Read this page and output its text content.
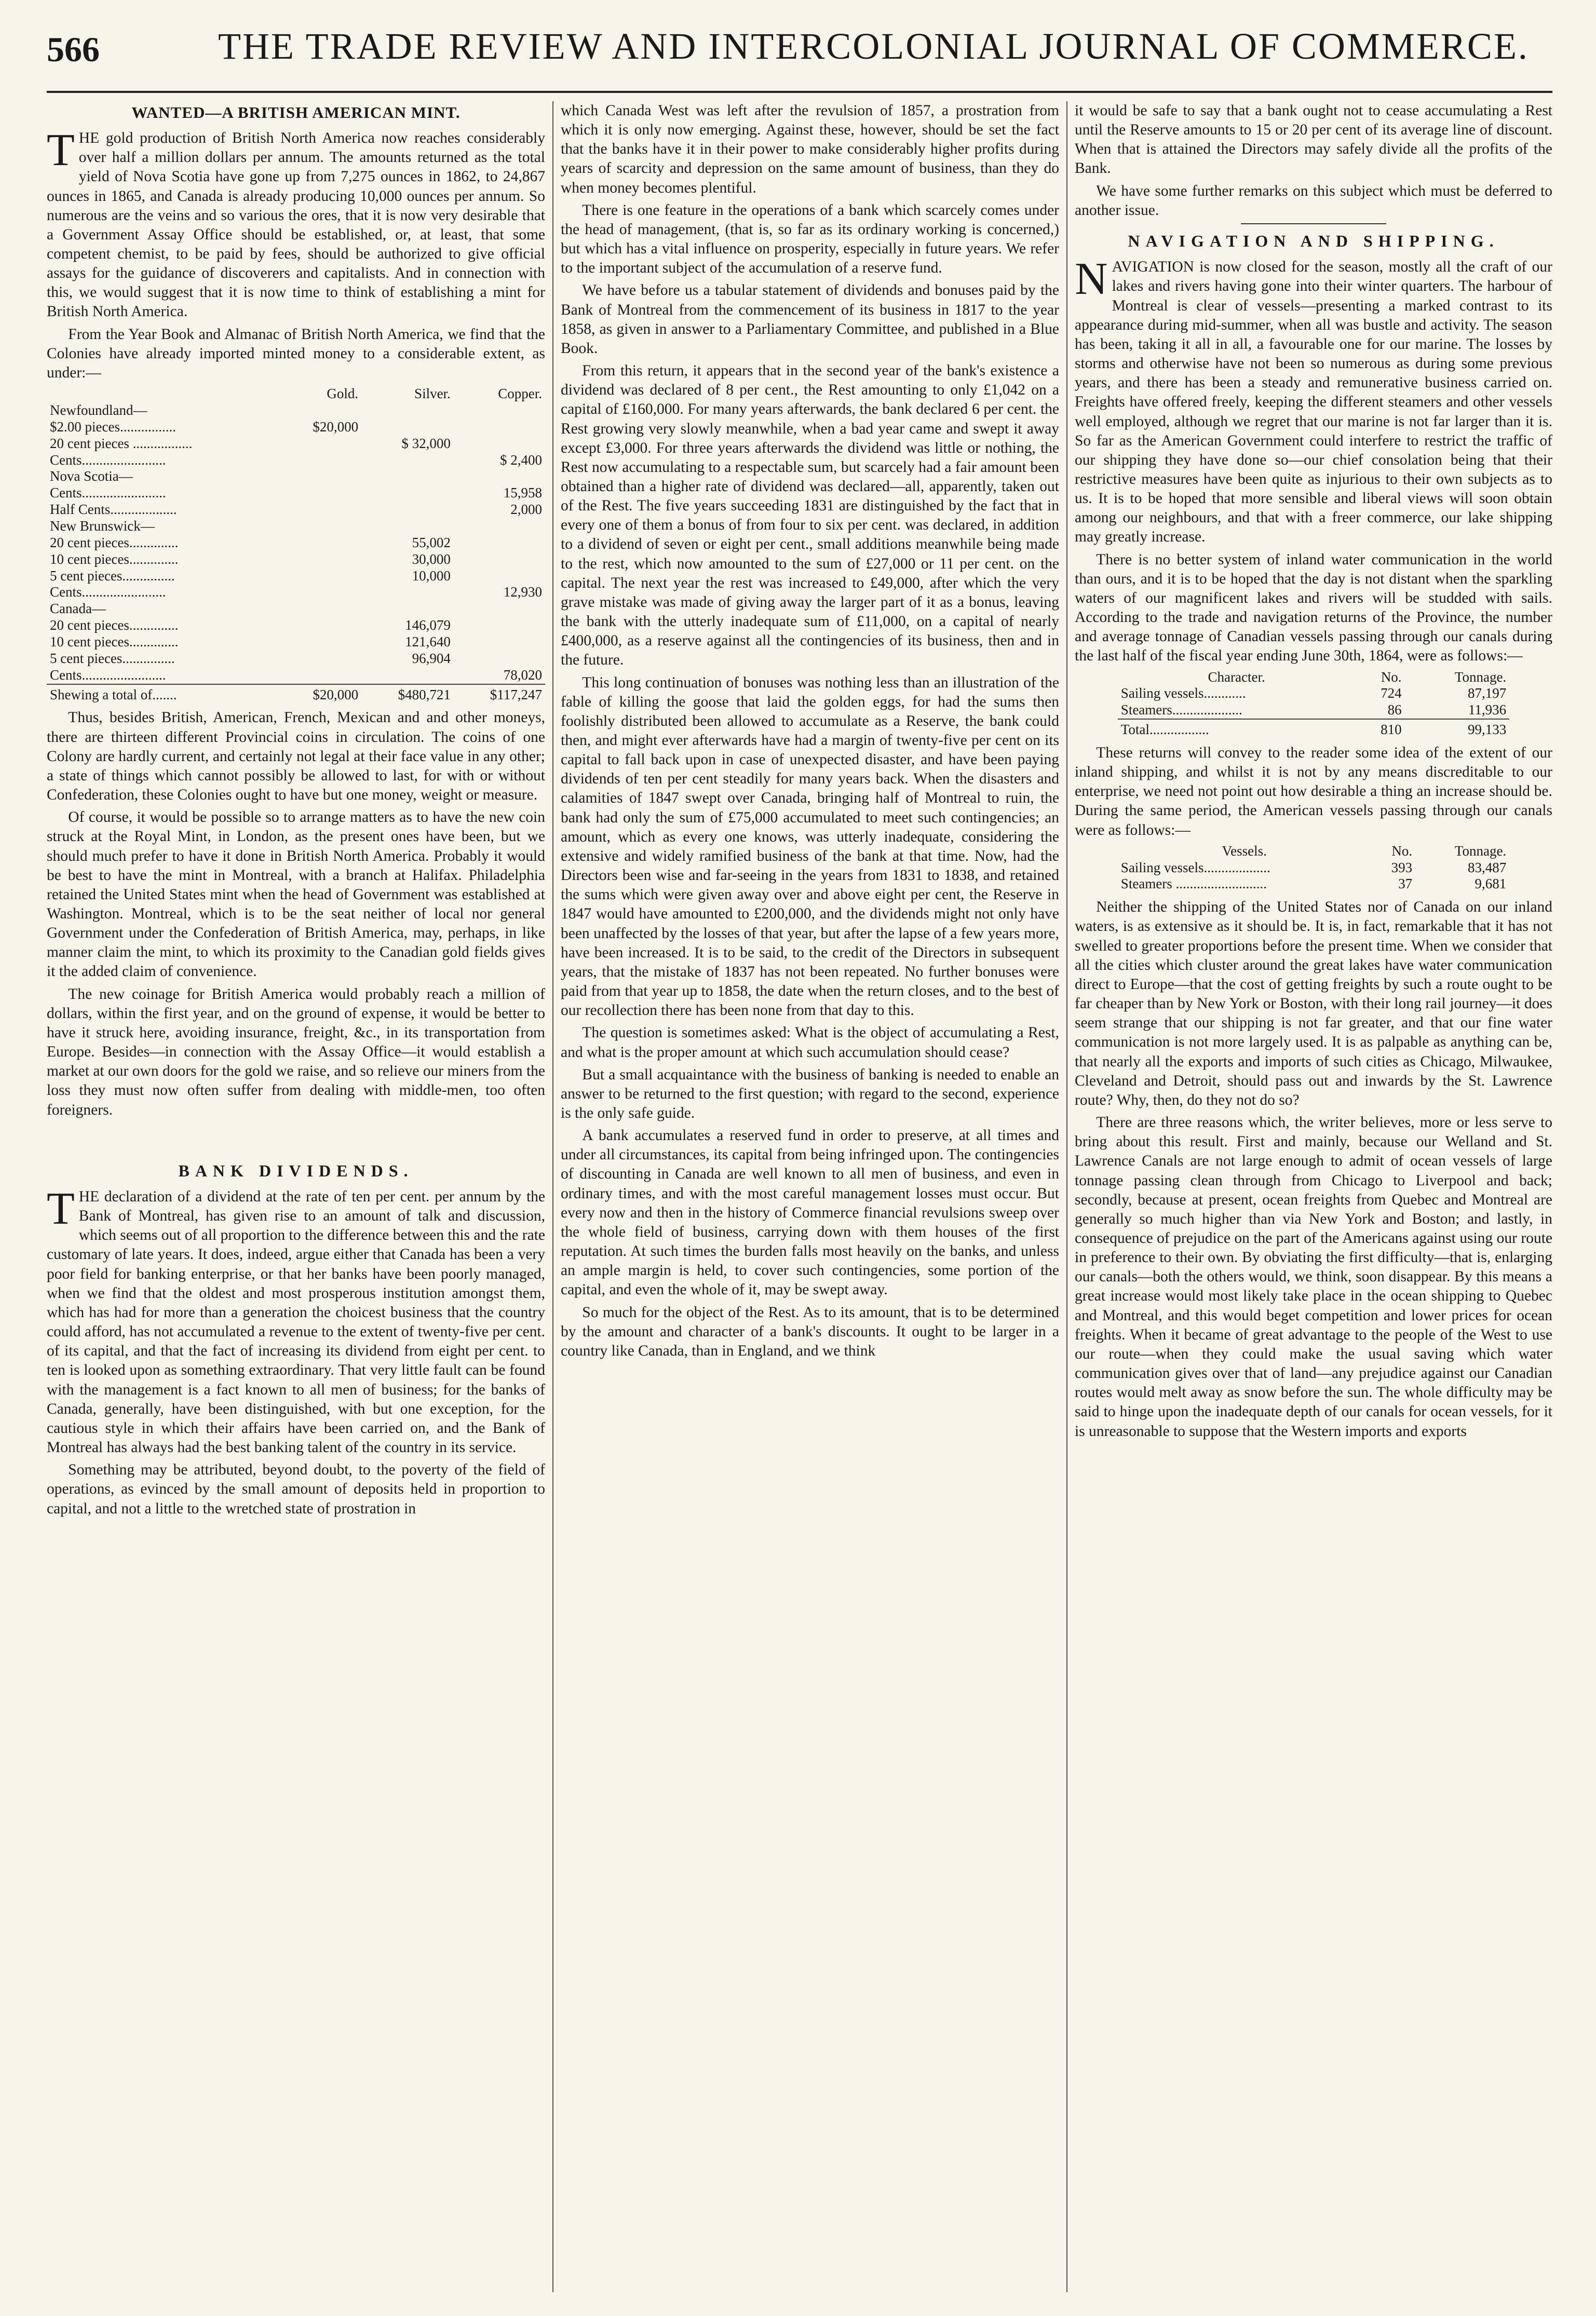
566	THE TRADE REVIEW AND INTERCOLONIAL JOURNAL OF COMMERCE.
WANTED—A BRITISH AMERICAN MINT.

THE gold production of British North America now reaches considerably over half a million dollars per annum. The amounts returned as the total yield of Nova Scotia have gone up from 7,275 ounces in 1862, to 24,867 ounces in 1865, and Canada is already producing 10,000 ounces per annum. So numerous are the veins and so various the ores, that it is now very desirable that a Government Assay Office should be established, or, at least, that some competent chemist, to be paid by fees, should be authorized to give official assays for the guidance of discoverers and capitalists. And in connection with this, we would suggest that it is now time to think of establishing a mint for British North America.

From the Year Book and Almanac of British North America, we find that the Colonies have already imported minted money to a considerable extent, as under:—

	Gold.	Silver.	Copper.
Newfoundland—			
$2.00 pieces................	$20,000		
20 cent pieces .................		$ 32,000	
Cents........................			$ 2,400
Nova Scotia—			
Cents........................			15,958
Half Cents...................			2,000
New Brunswick—			
20 cent pieces..............		55,002	
10 cent pieces..............		30,000	
5 cent pieces...............		10,000	
Cents........................			12,930
Canada—			
20 cent pieces..............		146,079	
10 cent pieces..............		121,640	
5 cent pieces...............		96,904	
Cents........................			78,020
Shewing a total of.......	$20,000	$480,721	$117,247

Thus, besides British, American, French, Mexican and and other moneys, there are thirteen different Provincial coins in circulation. The coins of one Colony are hardly current, and certainly not legal at their face value in any other; a state of things which cannot possibly be allowed to last, for with or without Confederation, these Colonies ought to have but one money, weight or measure.

Of course, it would be possible so to arrange matters as to have the new coin struck at the Royal Mint, in London, as the present ones have been, but we should much prefer to have it done in British North America. Probably it would be best to have the mint in Montreal, with a branch at Halifax. Philadelphia retained the United States mint when the head of Government was established at Washington. Montreal, which is to be the seat neither of local nor general Government under the Confederation of British America, may, perhaps, in like manner claim the mint, to which its proximity to the Canadian gold fields gives it the added claim of convenience.

The new coinage for British America would probably reach a million of dollars, within the first year, and on the ground of expense, it would be better to have it struck here, avoiding insurance, freight, &c., in its transportation from Europe. Besides—in connection with the Assay Office—it would establish a market at our own doors for the gold we raise, and so relieve our miners from the loss they must now often suffer from dealing with middle-men, too often foreigners.

BANK DIVIDENDS.

THE declaration of a dividend at the rate of ten per cent. per annum by the Bank of Montreal, has given rise to an amount of talk and discussion, which seems out of all proportion to the difference between this and the rate customary of late years. It does, indeed, argue either that Canada has been a very poor field for banking enterprise, or that her banks have been poorly managed, when we find that the oldest and most prosperous institution amongst them, which has had for more than a generation the choicest business that the country could afford, has not accumulated a revenue to the extent of twenty-five per cent. of its capital, and that the fact of increasing its dividend from eight per cent. to ten is looked upon as something extraordinary. That very little fault can be found with the management is a fact known to all men of business; for the banks of Canada, generally, have been distinguished, with but one exception, for the cautious style in which their affairs have been carried on, and the Bank of Montreal has always had the best banking talent of the country in its service.

Something may be attributed, beyond doubt, to the poverty of the field of operations, as evinced by the small amount of deposits held in proportion to capital, and not a little to the wretched state of prostration in

which Canada West was left after the revulsion of 1857, a prostration from which it is only now emerging. Against these, however, should be set the fact that the banks have it in their power to make considerably higher profits during years of scarcity and depression on the same amount of business, than they do when money becomes plentiful.

There is one feature in the operations of a bank which scarcely comes under the head of management, (that is, so far as its ordinary working is concerned,) but which has a vital influence on prosperity, especially in future years. We refer to the important subject of the accumulation of a reserve fund.

We have before us a tabular statement of dividends and bonuses paid by the Bank of Montreal from the commencement of its business in 1817 to the year 1858, as given in answer to a Parliamentary Committee, and published in a Blue Book.

From this return, it appears that in the second year of the bank's existence a dividend was declared of 8 per cent., the Rest amounting to only £1,042 on a capital of £160,000. For many years afterwards, the bank declared 6 per cent. the Rest growing very slowly meanwhile, when a bad year came and swept it away except £3,000. For three years afterwards the dividend was little or nothing, the Rest now accumulating to a respectable sum, but scarcely had a fair amount been obtained than a higher rate of dividend was declared—all, apparently, taken out of the Rest. The five years succeeding 1831 are distinguished by the fact that in every one of them a bonus of from four to six per cent. was declared, in addition to a dividend of seven or eight per cent., small additions meanwhile being made to the rest, which now amounted to the sum of £27,000 or 11 per cent. on the capital. The next year the rest was increased to £49,000, after which the very grave mistake was made of giving away the larger part of it as a bonus, leaving the bank with the utterly inadequate sum of £11,000, on a capital of nearly £400,000, as a reserve against all the contingencies of its business, then and in the future.

This long continuation of bonuses was nothing less than an illustration of the fable of killing the goose that laid the golden eggs, for had the sums then foolishly distributed been allowed to accumulate as a Reserve, the bank could then, and might ever afterwards have had a margin of twenty-five per cent on its capital to fall back upon in case of unexpected disaster, and have been paying dividends of ten per cent steadily for many years back. When the disasters and calamities of 1847 swept over Canada, bringing half of Montreal to ruin, the bank had only the sum of £75,000 accumulated to meet such contingencies; an amount, which as every one knows, was utterly inadequate, considering the extensive and widely ramified business of the bank at that time. Now, had the Directors been wise and far-seeing in the years from 1831 to 1838, and retained the sums which were given away over and above eight per cent, the Reserve in 1847 would have amounted to £200,000, and the dividends might not only have been unaffected by the losses of that year, but after the lapse of a few years more, have been increased. It is to be said, to the credit of the Directors in subsequent years, that the mistake of 1837 has not been repeated. No further bonuses were paid from that year up to 1858, the date when the return closes, and to the best of our recollection there has been none from that day to this.

The question is sometimes asked: What is the object of accumulating a Rest, and what is the proper amount at which such accumulation should cease?

But a small acquaintance with the business of banking is needed to enable an answer to be returned to the first question; with regard to the second, experience is the only safe guide.

A bank accumulates a reserved fund in order to preserve, at all times and under all circumstances, its capital from being infringed upon. The contingencies of discounting in Canada are well known to all men of business, and even in ordinary times, and with the most careful management losses must occur. But every now and then in the history of Commerce financial revulsions sweep over the whole field of business, carrying down with them houses of the first reputation. At such times the burden falls most heavily on the banks, and unless an ample margin is held, to cover such contingencies, some portion of the capital, and even the whole of it, may be swept away.

So much for the object of the Rest. As to its amount, that is to be determined by the amount and character of a bank's discounts. It ought to be larger in a country like Canada, than in England, and we think

it would be safe to say that a bank ought not to cease accumulating a Rest until the Reserve amounts to 15 or 20 per cent of its average line of discount. When that is attained the Directors may safely divide all the profits of the Bank.

We have some further remarks on this subject which must be deferred to another issue.

NAVIGATION AND SHIPPING.

NAVIGATION is now closed for the season, mostly all the craft of our lakes and rivers having gone into their winter quarters. The harbour of Montreal is clear of vessels—presenting a marked contrast to its appearance during mid-summer, when all was bustle and activity. The season has been, taking it all in all, a favourable one for our marine. The losses by storms and otherwise have not been so numerous as during some previous years, and there has been a steady and remunerative business carried on. Freights have offered freely, keeping the different steamers and other vessels well employed, although we regret that our marine is not far larger than it is. So far as the American Government could interfere to restrict the traffic of our shipping they have done so—our chief consolation being that their restrictive measures have been quite as injurious to their own subjects as to us. It is to be hoped that more sensible and liberal views will soon obtain among our neighbours, and that with a freer commerce, our lake shipping may greatly increase.

There is no better system of inland water communication in the world than ours, and it is to be hoped that the day is not distant when the sparkling waters of our magnificent lakes and rivers will be studded with sails. According to the trade and navigation returns of the Province, the number and average tonnage of Canadian vessels passing through our canals during the last half of the fiscal year ending June 30th, 1864, were as follows:—

Character.	No.	Tonnage.
Sailing vessels............	724	87,197
Steamers....................	86	11,936
Total.................	810	99,133

These returns will convey to the reader some idea of the extent of our inland shipping, and whilst it is not by any means discreditable to our enterprise, we need not point out how desirable a thing an increase should be. During the same period, the American vessels passing through our canals were as follows:—

Vessels.	No.	Tonnage.
Sailing vessels...................	393	83,487
Steamers ..........................	37	9,681

Neither the shipping of the United States nor of Canada on our inland waters, is as extensive as it should be. It is, in fact, remarkable that it has not swelled to greater proportions before the present time. When we consider that all the cities which cluster around the great lakes have water communication direct to Europe—that the cost of getting freights by such a route ought to be far cheaper than by New York or Boston, with their long rail journey—it does seem strange that our shipping is not far greater, and that our fine water communication is not more largely used. It is as palpable as anything can be, that nearly all the exports and imports of such cities as Chicago, Milwaukee, Cleveland and Detroit, should pass out and inwards by the St. Lawrence route? Why, then, do they not do so?

There are three reasons which, the writer believes, more or less serve to bring about this result. First and mainly, because our Welland and St. Lawrence Canals are not large enough to admit of ocean vessels of large tonnage passing clean through from Chicago to Liverpool and back; secondly, because at present, ocean freights from Quebec and Montreal are generally so much higher than via New York and Boston; and lastly, in consequence of prejudice on the part of the Americans against using our route in preference to their own. By obviating the first difficulty—that is, enlarging our canals—both the others would, we think, soon disappear. By this means a great increase would most likely take place in the ocean shipping to Quebec and Montreal, and this would beget competition and lower prices for ocean freights. When it became of great advantage to the people of the West to use our route—when they could make the usual saving which water communication gives over that of land—any prejudice against our Canadian routes would melt away as snow before the sun. The whole difficulty may be said to hinge upon the inadequate depth of our canals for ocean vessels, for it is unreasonable to suppose that the Western imports and exports
